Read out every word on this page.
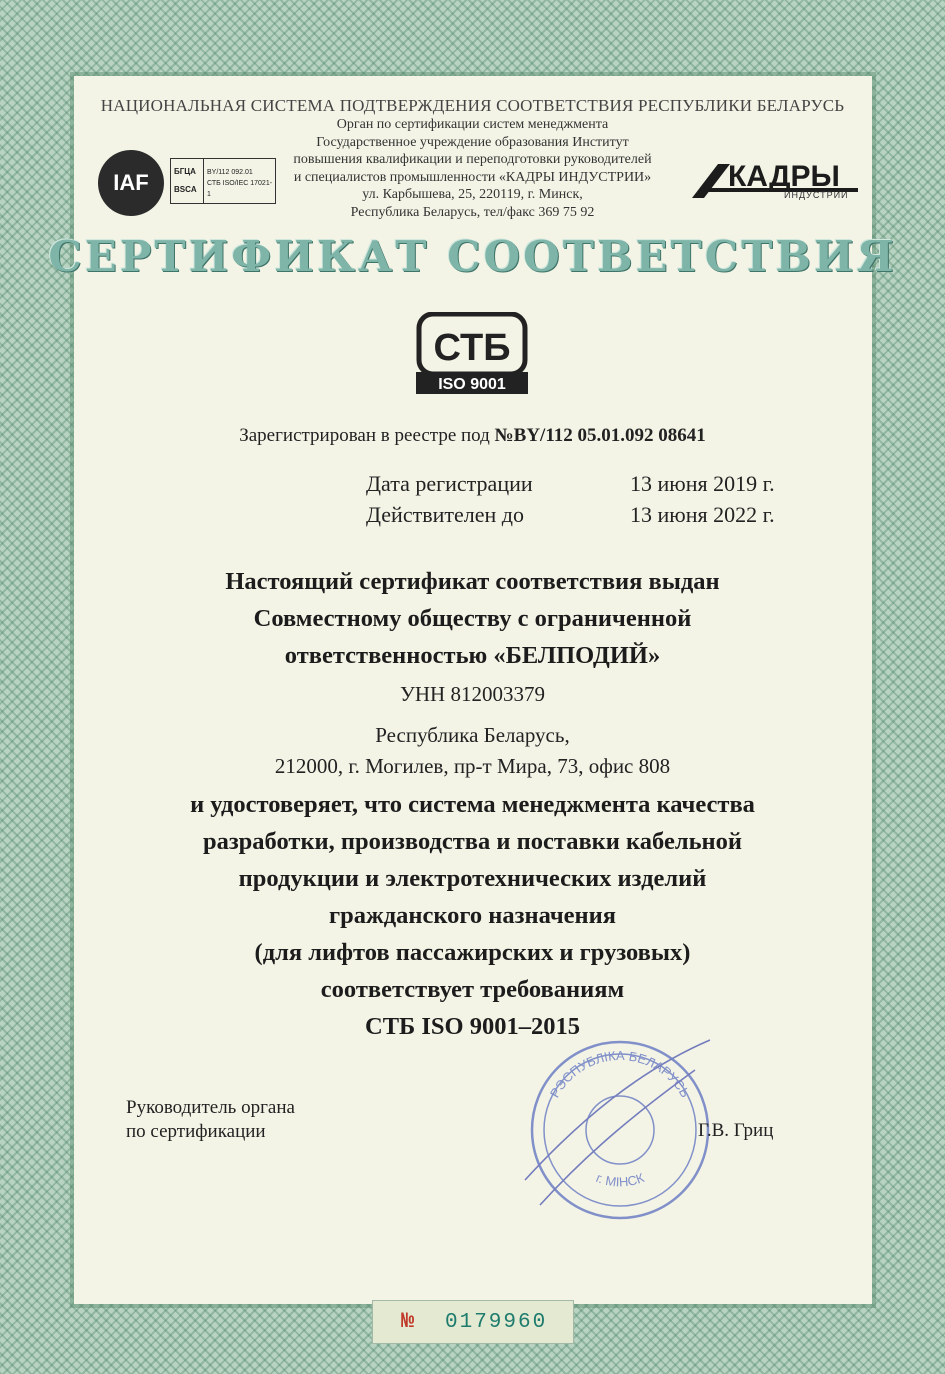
НАЦИОНАЛЬНАЯ СИСТЕМА ПОДТВЕРЖДЕНИЯ СООТВЕТСТВИЯ РЕСПУБЛИКИ БЕЛАРУСЬ
Орган по сертификации систем менеджмента
Государственное учреждение образования Институт
повышения квалификации и переподготовки руководителей
и специалистов промышленности «КАДРЫ ИНДУСТРИИ»
ул. Карбышева, 25, 220119, г. Минск,
Республика Беларусь, тел/факс 369 75 92
IAF	БГЦА
BSCA
BY/112 092.01
СТБ ISO/IEC 17021-1
КАДРЫ
ИНДУСТРИИ
СЕРТИФИКАТ СООТВЕТСТВИЯ
СТБ
ISO 9001
Зарегистрирован в реестре под №BY/112 05.01.092 08641
Дата регистрации	13 июня 2019 г.
Действителен до	13 июня 2022 г.
Настоящий сертификат соответствия выдан
Совместному обществу с ограниченной
ответственностью «БЕЛПОДИЙ»
УНН 812003379
Республика Беларусь,
212000, г. Могилев, пр-т Мира, 73, офис 808
и удостоверяет, что система менеджмента качества
разработки, производства и поставки кабельной
продукции и электротехнических изделий
гражданского назначения
(для лифтов пассажирских и грузовых)
соответствует требованиям
СТБ ISO 9001–2015
Руководитель органа
по сертификации
РЭСПУБЛІКА БЕЛАРУСЬ
г. МІНСК
Г.В. Гриц
№ 0179960
